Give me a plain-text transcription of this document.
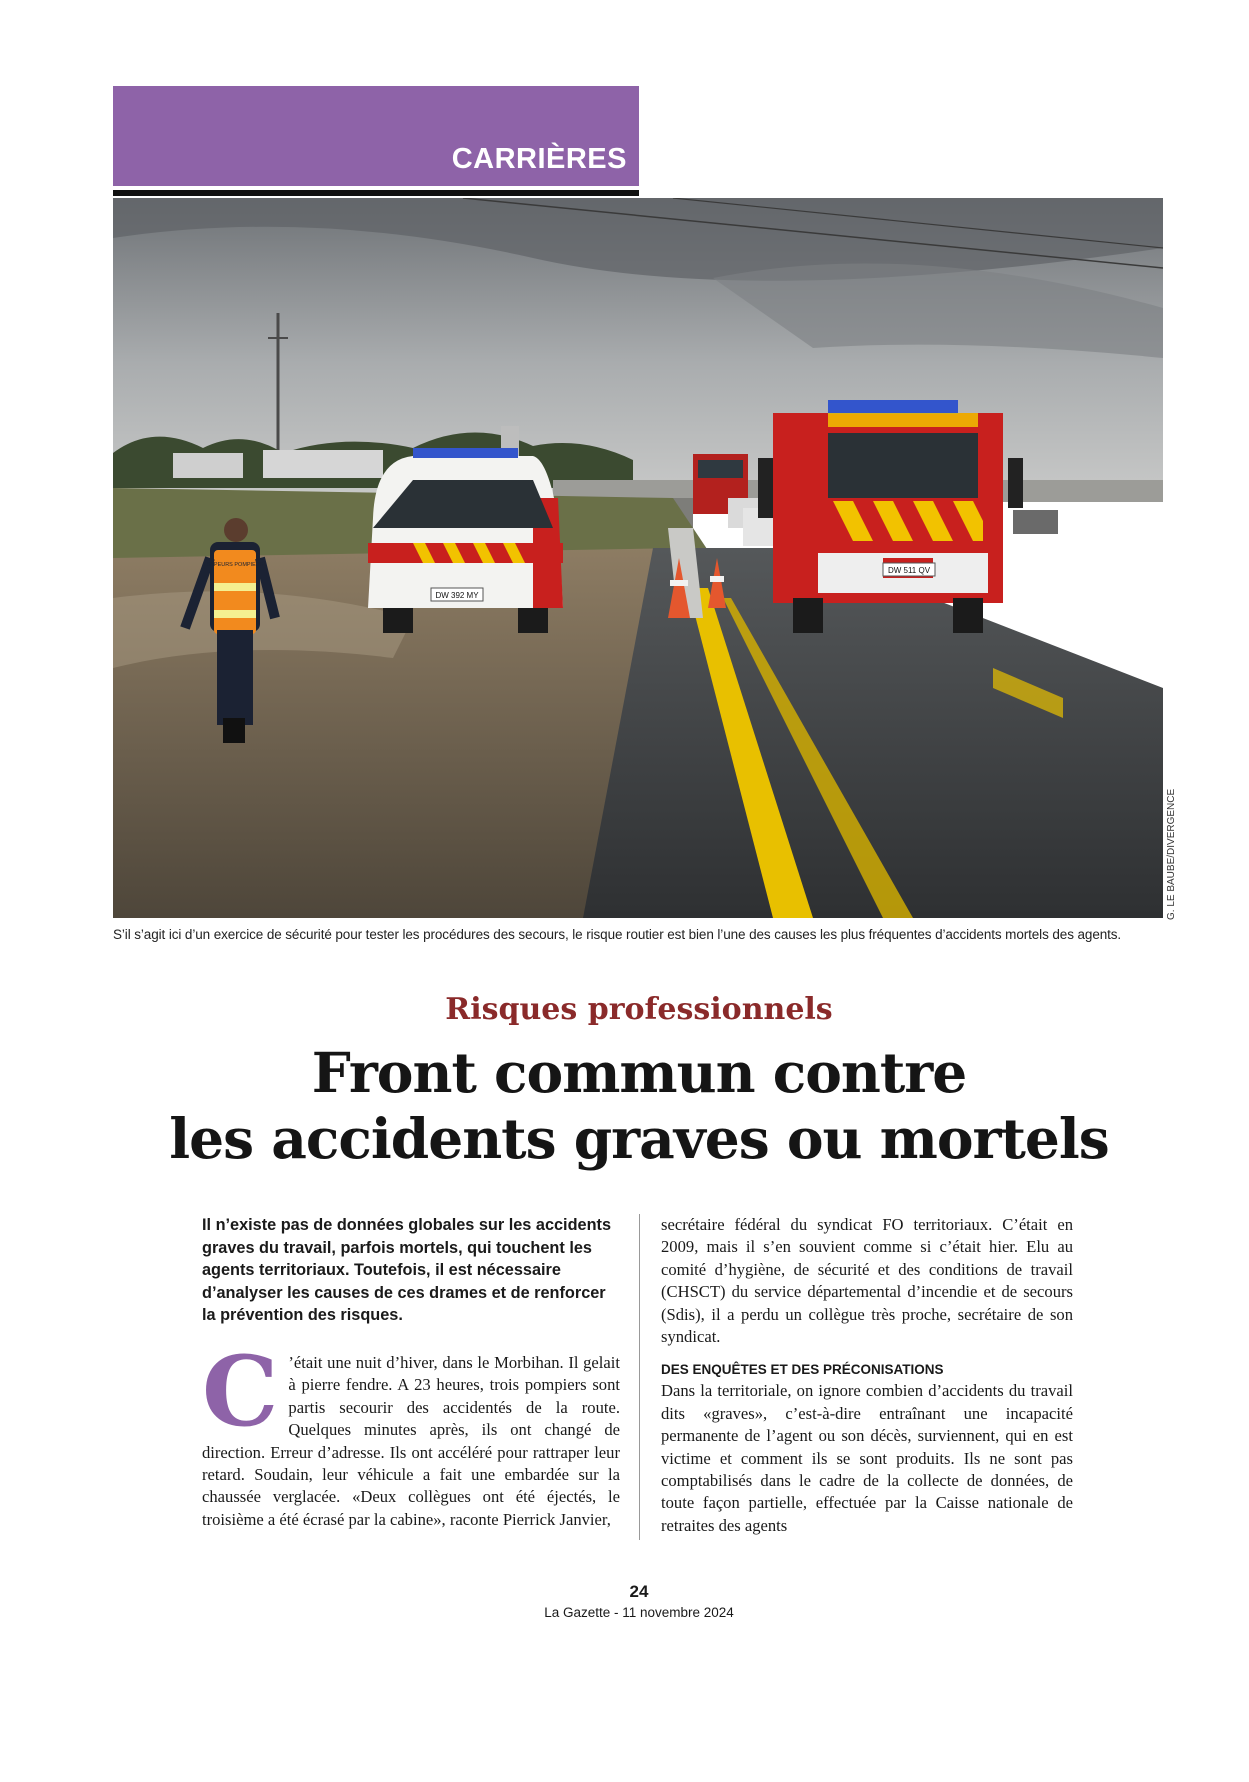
CARRIÈRES
DW 392 MY
DW 511 QV
SAPEURS POMPIERS
G. LE BAUBE/DIVERGENCE
S’il s’agit ici d’un exercice de sécurité pour tester les procédures des secours, le risque routier est bien l’une des causes les plus fréquentes d’accidents mortels des agents.
Risques professionnels
Front commun contre
les accidents graves ou mortels
Il n’existe pas de données globales sur les accidents graves du travail, parfois mortels, qui touchent les agents territoriaux. Toutefois, il est nécessaire d’analyser les causes de ces drames et de renforcer la prévention des risques.
C ’était une nuit d’hiver, dans le Morbihan. Il gelait à pierre fendre. A 23 heures, trois pompiers sont partis secourir des accidentés de la route. Quelques minutes après, ils ont changé de direction. Erreur d’adresse. Ils ont accéléré pour rattraper leur retard. Soudain, leur véhicule a fait une embardée sur la chaussée verglacée. «Deux collègues ont été éjectés, le troisième a été écrasé par la cabine», raconte Pierrick Janvier,
secrétaire fédéral du syndicat FO territoriaux. C’était en 2009, mais il s’en souvient comme si c’était hier. Elu au comité d’hygiène, de sécurité et des conditions de travail (CHSCT) du service départemental d’incendie et de secours (Sdis), il a perdu un collègue très proche, secrétaire de son syndicat.
DES ENQUÊTES ET DES PRÉCONISATIONS
Dans la territoriale, on ignore combien d’accidents du travail dits «graves», c’est-à-dire entraînant une incapacité permanente de l’agent ou son décès, surviennent, qui en est victime et comment ils se sont produits. Ils ne sont pas comptabilisés dans le cadre de la collecte de données, de toute façon partielle, effectuée par la Caisse nationale de retraites des agents
24
La Gazette - 11 novembre 2024
